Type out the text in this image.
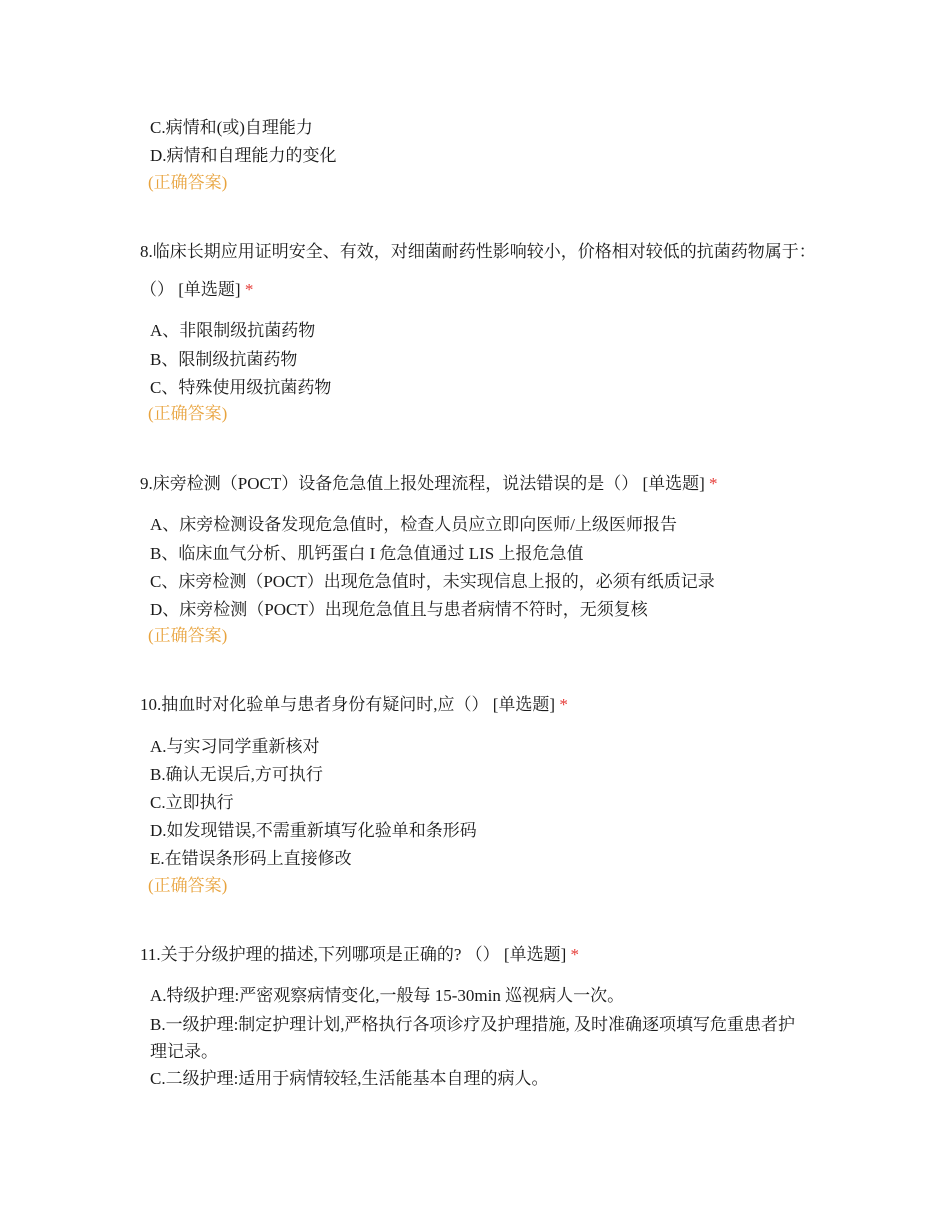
C.病情和(或)自理能力
D.病情和自理能力的变化
(正确答案)
8.临床长期应用证明安全、有效，对细菌耐药性影响较小，价格相对较低的抗菌药物属于：（） [单选题] *
A、非限制级抗菌药物
B、限制级抗菌药物
C、特殊使用级抗菌药物
(正确答案)
9.床旁检测（POCT）设备危急值上报处理流程，说法错误的是（） [单选题] *
A、床旁检测设备发现危急值时，检查人员应立即向医师/上级医师报告
B、临床血气分析、肌钙蛋白 I 危急值通过 LIS 上报危急值
C、床旁检测（POCT）出现危急值时，未实现信息上报的，必须有纸质记录
D、床旁检测（POCT）出现危急值且与患者病情不符时，无须复核
(正确答案)
10.抽血时对化验单与患者身份有疑问时,应（） [单选题] *
A.与实习同学重新核对
B.确认无误后,方可执行
C.立即执行
D.如发现错误,不需重新填写化验单和条形码
E.在错误条形码上直接修改
(正确答案)
11.关于分级护理的描述,下列哪项是正确的? （） [单选题] *
A.特级护理:严密观察病情变化,一般每 15-30min 巡视病人一次。
B.一级护理:制定护理计划,严格执行各项诊疗及护理措施, 及时准确逐项填写危重患者护理记录。
C.二级护理:适用于病情较轻,生活能基本自理的病人。
